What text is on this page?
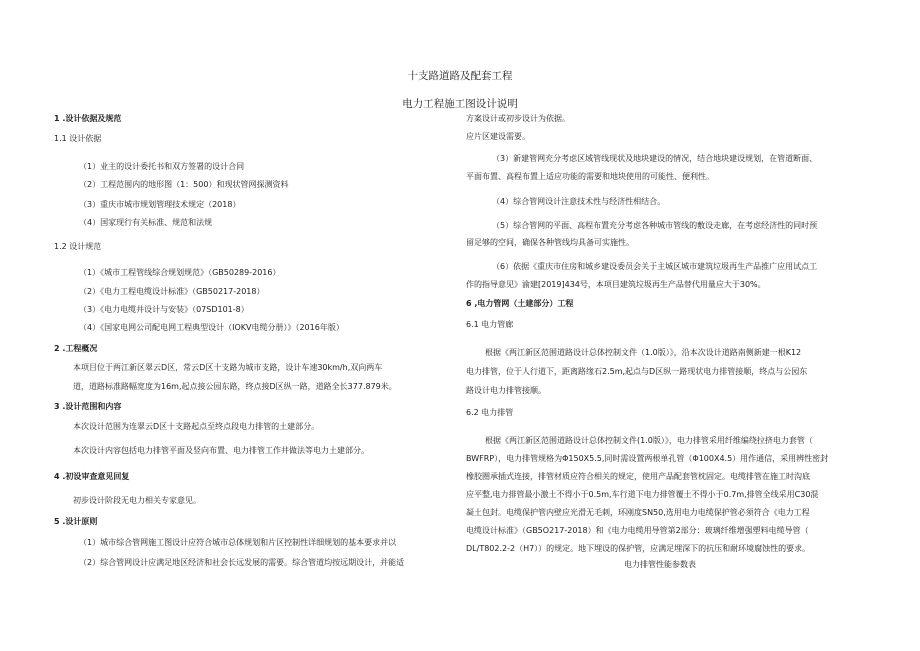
十支路道路及配套工程
电力工程施工图设计说明
1 .设计依据及规范
1.1 设计依据
（1）业主的设计委托书和双方签署的设计合同
（2）工程范围内的地形图（1：500）和现状管网探测资料
（3）重庆市城市规划管理技术规定（2018）
（4）国家现行有关标准、规范和法规
1.2 设计规范
（1）《城市工程管线综合规划规范》（GB50289-2016）
（2）《电力工程电缆设计标准》（GB50217-2018）
（3）《电力电缆井设计与安装》（07SD101-8）
（4）《国家电网公司配电网工程典型设计（IOKV电缆分册）》（2016年版）
2 .工程概况
本项目位于两江新区翠云D区，常云D区十支路为城市支路，设计车速30km/h,双向两车
道，道路标准路幅宽度为16m,起点接公园东路，终点接D区纵一路，道路全长377.879米。
3 .设计范围和内容
本次设计范围为连翠云D区十支路起点至终点段电力排管的土建部分。
本次设计内容包括电力排管平面及竖向布置、电力排管工作井做法等电力土建部分。
4 .初设审查意见回复
初步设计阶段无电力相关专家意见。
5 .设计原则
（1）城市综合管网施工图设计应符合城市总体规划和片区控制性详细规划的基本要求并以
（2）综合管网设计应满足地区经济和社会长远发展的需要。综合管道均按远期设计，并能适
方案设计或初步设计为依据。
应片区建设需要。
（3）新建管网充分考虑区域管线现状及地块建设的情况，结合地块建设规划，在管道断面、
平面布置、高程布置上适应功能的需要和地块使用的可能性、便利性。
（4）综合管网设计注意技术性与经济性相结合。
（5）综合管网的平面、高程布置充分考虑各种城市管线的敷设走廊，在考虑经济性的同时预
留足够的空间，确保各种管线均具备可实施性。
（6）依据《重庆市住房和城乡建设委员会关于主城区城市建筑垃圾再生产品推广应用试点工
作的指导意见》渝建[2019]434号，本项目建筑垃圾再生产品替代用量应大于30%。
6 ,电力管网（土建部分）工程
6.1 电力管廊
根据《两江新区范围道路设计总体控制文件（1.0版）》，沿本次设计道路南侧新建一根K12
电力排管，位于人行道下，距离路缘石2.5m,起点与D区纵一路现状电力排管接顺，终点与公园东
路设计电力排管接顺。
6.2 电力排管
根据《两江新区范围道路设计总体控制文件(1.0版）》，电力排管采用纤维编绕拉挤电力套管（
BWFRP），电力排管规格为Φ150X5.5,同时需设置两根单孔管（Φ100X4.5）用作通信，采用辨性密封
橡胶圈承插式连接，排管材质应符合相关的规定，使用产品配套管枕固定。电缆排管在施工时沟底
应平整,电力排管最小激土不得小于0.5m,车行道下电力排管覆土不得小于0.7m,排管全线采用C30混
凝土包封。电缆保护管内壁应光滑无毛刺，环刚度SN50,选用电力电缆保护管必须符合《电力工程
电缆设计标准》（GB5O217-2018）和《电力电缆用导管第2部分：玻璃纤维增强塑料电缆导管（
DL∕T802.2-2（H7））的规定。地下埋设的保护管，应满足埋深下的抗压和耐环境腐蚀性的要求。
电力排管性能参数表
